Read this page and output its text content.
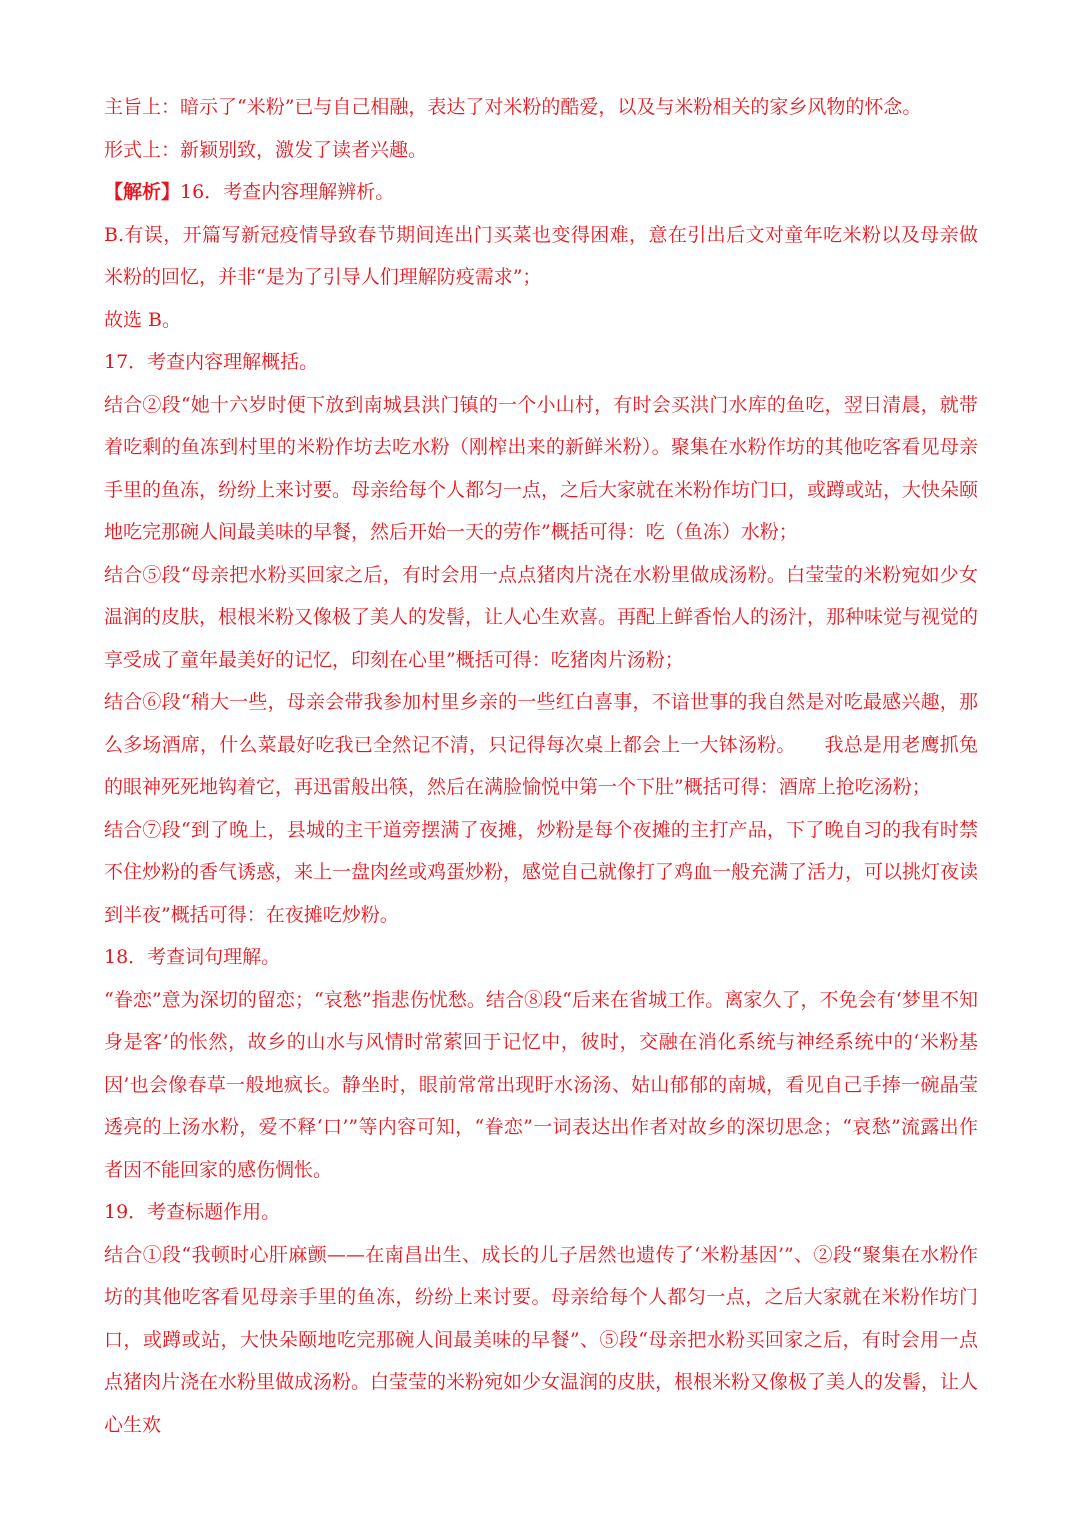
主旨上：暗示了“米粉”已与自己相融，表达了对米粉的酷爱，以及与米粉相关的家乡风物的怀念。

形式上：新颖别致，激发了读者兴趣。

【解析】16．考查内容理解辨析。

B.有误，开篇写新冠疫情导致春节期间连出门买菜也变得困难，意在引出后文对童年吃米粉以及母亲做米粉的回忆，并非“是为了引导人们理解防疫需求”；

故选 B。

17．考查内容理解概括。

结合②段“她十六岁时便下放到南城县洪门镇的一个小山村，有时会买洪门水库的鱼吃，翌日清晨，就带着吃剩的鱼冻到村里的米粉作坊去吃水粉（刚榨出来的新鲜米粉）。聚集在水粉作坊的其他吃客看见母亲手里的鱼冻，纷纷上来讨要。母亲给每个人都匀一点，之后大家就在米粉作坊门口，或蹲或站，大快朵颐地吃完那碗人间最美味的早餐，然后开始一天的劳作”概括可得：吃（鱼冻）水粉；

结合⑤段“母亲把水粉买回家之后，有时会用一点点猪肉片浇在水粉里做成汤粉。白莹莹的米粉宛如少女温润的皮肤，根根米粉又像极了美人的发髻，让人心生欢喜。再配上鲜香怡人的汤汁，那种味觉与视觉的享受成了童年最美好的记忆，印刻在心里”概括可得：吃猪肉片汤粉；

结合⑥段“稍大一些，母亲会带我参加村里乡亲的一些红白喜事，不谙世事的我自然是对吃最感兴趣，那么多场酒席，什么菜最好吃我已全然记不清，只记得每次桌上都会上一大钵汤粉。　　我总是用老鹰抓兔的眼神死死地钩着它，再迅雷般出筷，然后在满脸愉悦中第一个下肚”概括可得：酒席上抢吃汤粉；

结合⑦段“到了晚上，县城的主干道旁摆满了夜摊，炒粉是每个夜摊的主打产品，下了晚自习的我有时禁不住炒粉的香气诱惑，来上一盘肉丝或鸡蛋炒粉，感觉自己就像打了鸡血一般充满了活力，可以挑灯夜读到半夜”概括可得：在夜摊吃炒粉。

18．考查词句理解。

“眷恋”意为深切的留恋；“哀愁”指悲伤忧愁。结合⑧段“后来在省城工作。离家久了，不免会有‘梦里不知身是客’的怅然，故乡的山水与风情时常萦回于记忆中，彼时，交融在消化系统与神经系统中的‘米粉基因’也会像春草一般地疯长。静坐时，眼前常常出现盱水汤汤、姑山郁郁的南城，看见自己手捧一碗晶莹透亮的上汤水粉，爱不释‘口’”等内容可知，“眷恋”一词表达出作者对故乡的深切思念；“哀愁”流露出作者因不能回家的感伤惆怅。

19．考查标题作用。

结合①段“我顿时心肝麻颤——在南昌出生、成长的儿子居然也遗传了‘米粉基因’”、②段“聚集在水粉作坊的其他吃客看见母亲手里的鱼冻，纷纷上来讨要。母亲给每个人都匀一点，之后大家就在米粉作坊门口，或蹲或站，大快朵颐地吃完那碗人间最美味的早餐”、⑤段“母亲把水粉买回家之后，有时会用一点点猪肉片浇在水粉里做成汤粉。白莹莹的米粉宛如少女温润的皮肤，根根米粉又像极了美人的发髻，让人心生欢
